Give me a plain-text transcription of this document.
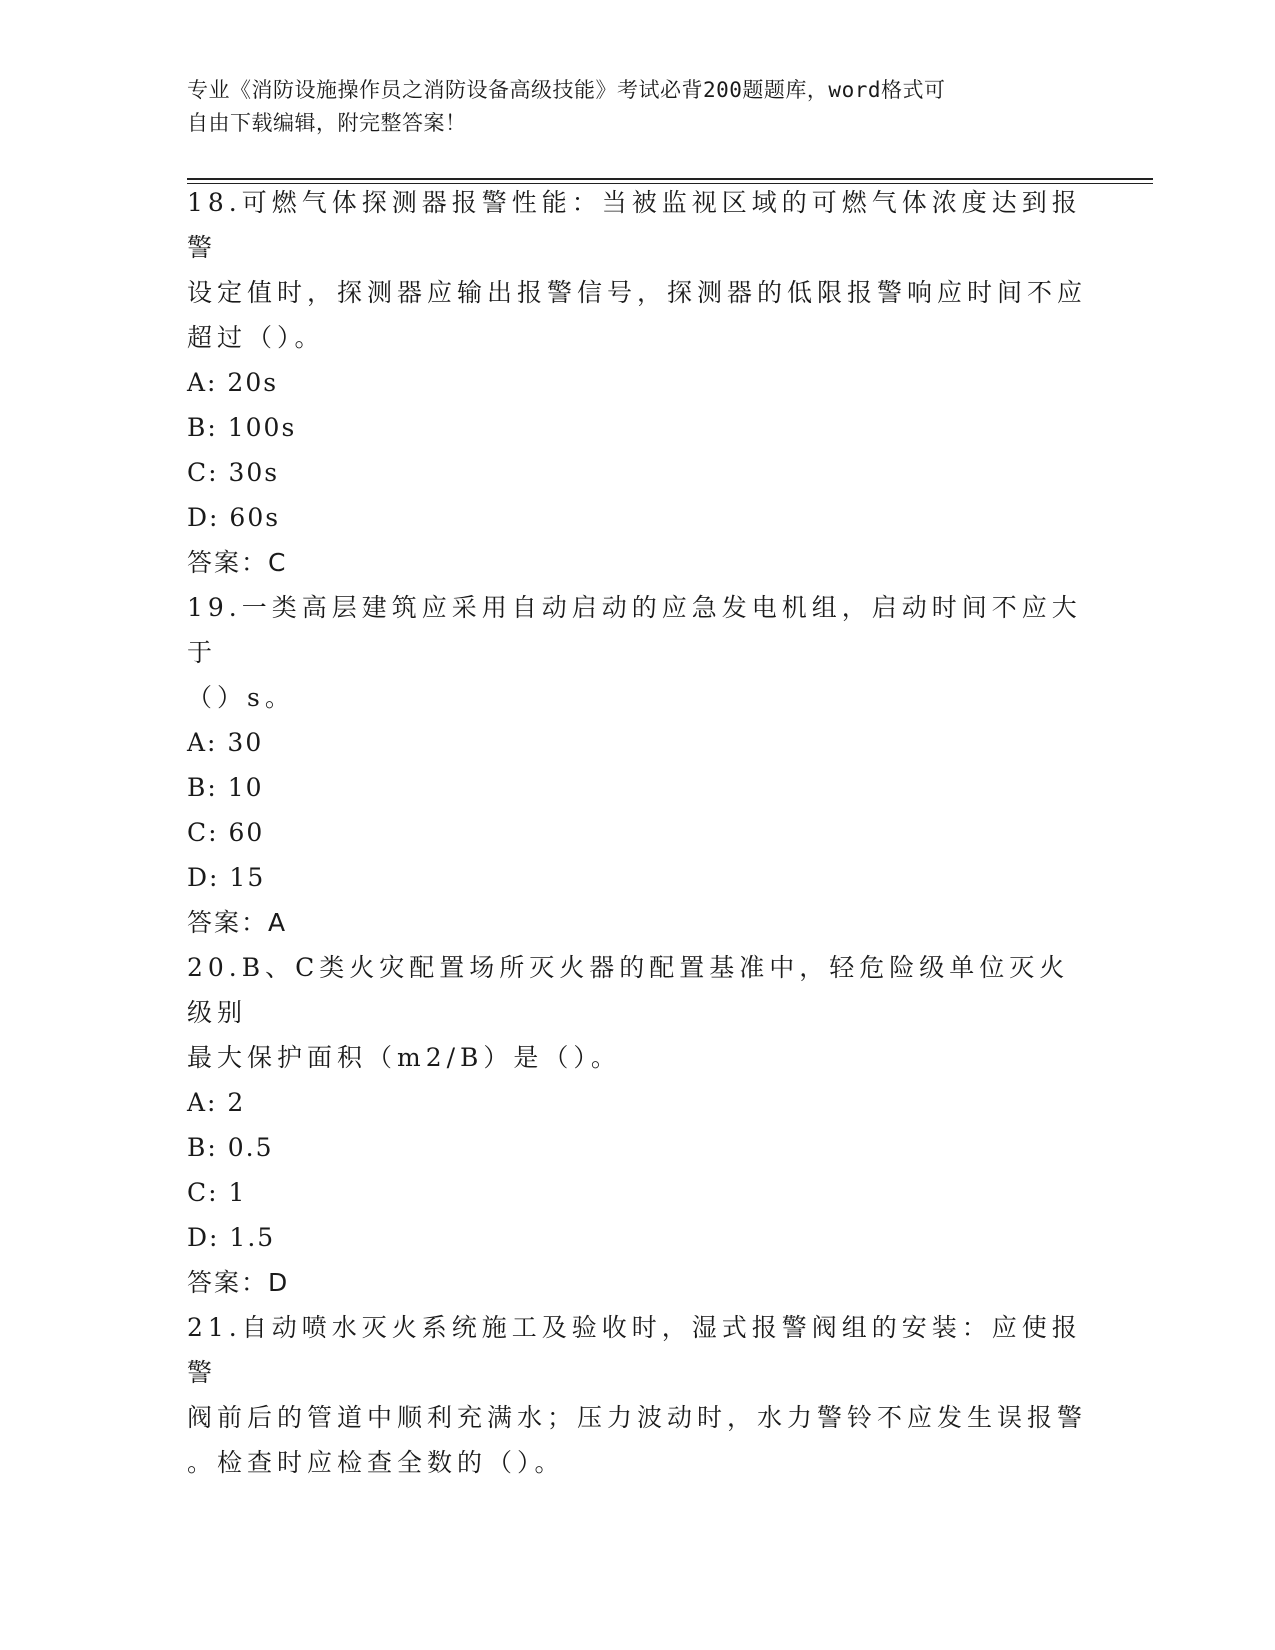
专业《消防设施操作员之消防设备高级技能》考试必背200题题库，word格式可
自由下载编辑，附完整答案！

18.可燃气体探测器报警性能：当被监视区域的可燃气体浓度达到报警

设定值时，探测器应输出报警信号，探测器的低限报警响应时间不应

超过（）。

A: 20s

B: 100s

C: 30s

D: 60s

答案：C

19.一类高层建筑应采用自动启动的应急发电机组，启动时间不应大于

（）s。

A: 30

B: 10

C: 60

D: 15

答案：A

20.B、C类火灾配置场所灭火器的配置基准中，轻危险级单位灭火级别

最大保护面积（m2/B）是（）。

A: 2

B: 0.5

C: 1

D: 1.5

答案：D

21.自动喷水灭火系统施工及验收时，湿式报警阀组的安装：应使报警

阀前后的管道中顺利充满水；压力波动时，水力警铃不应发生误报警

。检查时应检查全数的（）。
